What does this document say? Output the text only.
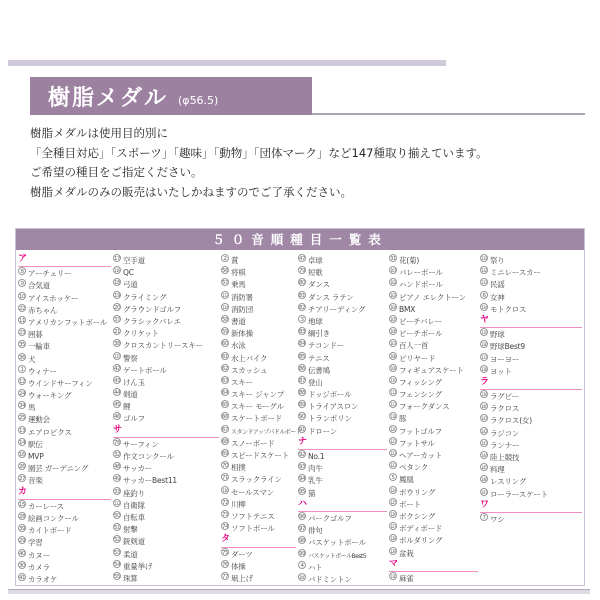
樹脂メダル (φ56.5)
樹脂メダルは使用目的別に
「全種目対応」「スポーツ」「趣味」「動物」「団体マーク」など147種取り揃えています。
ご希望の種目をご指定ください。
樹脂メダルのみの販売はいたしかねますのでご了承ください。
５０音順種目一覧表
ア
8 アーチェリー
9 合気道
10 アイスホッケー
22 赤ちゃん
11 アメリカンフットボール
23 囲碁
35 一輪車
36 犬
1 ウィナー
12 ウインドサーフィン
24 ウォーキング
34 馬
25 運動会
13 エアロビクス
14 駅伝
16 MVP
26 園芸 ガーデニング
27 音楽
カ
15 カーレース
28 絵画コンクール
39 カイトボード
29 学習
40 カヌー
30 カメラ
41 カラオケ
17 空手道
119 QC
18 弓道
19 クライミング
20 グラウンドゴルフ
37 クラシックバレエ
21 クリケット
38 クロスカントリースキー
115 警察
42 ゲートボール
43 けん玉
44 剣道
45 鯉
46 ゴルフ
サ
78 サーフィン
32 作文コンクール
48 サッカー
49 サッカーBest11
33 座釣り
112 自衛隊
50 自転車
51 射撃
52 銃剣道
53 柔道
54 重量挙げ
55 珠算
2 賞
56 将棋
57 乗馬
113 消防署
114 消防団
58 書道
59 新体操
60 水泳
61 水上バイク
62 スカッシュ
63 スキー
64 スキー ジャンプ
65 スキー モーグル
66 スケートボード
67 スタンドアップパドルボード
68 スノーボード
69 スピードスケート
70 相撲
71 スラックライン
116 セールスマン
72 川柳
73 ソフトテニス
74 ソフトボール
タ
75 ダーツ
76 体操
77 凧上げ
47 卓球
79 短歌
80 ダンス
81 ダンス ラテン
82 チアリーディング
3 地球
83 綱引き
84 テコンドー
85 テニス
86 伝書鳩
87 登山
88 ドッジボール
89 トライアスロン
90 トランポリン
91 ドローン
ナ
92 No.1
93 肉牛
94 乳牛
95 猫
ハ
96 パークゴルフ
97 俳句
98 バスケットボール
99 バスケットボールBest5
4 ハト
100 バドミントン
31 花(菊)
101 バレーボール
102 ハンドボール
103 ピアノ エレクトーン
104 BMX
105 ビーチバレー
106 ビーチボール
107 百人一首
108 ビリヤード
109 フィギュアスケート
110 フィッシング
111 フェンシング
117 フォークダンス
118 豚
120 フットゴルフ
121 フットサル
122 ヘアーカット
123 ペタンク
5 鳳凰
124 ボウリング
125 ボート
126 ボクシング
127 ボディボード
128 ボルダリング
129 盆栽
マ
130 麻雀
131 祭り
132 ミニレースカー
133 民謡
6 女神
134 モトクロス
ヤ
135 野球
136 野球Best9
137 ヨーヨー
138 ヨット
ラ
139 ラグビー
140 ラクロス
141 ラクロス(女)
142 ラジコン
143 ランナー
144 陸上競技
145 料理
146 レスリング
147 ローラースケート
ワ
7 ワシ
